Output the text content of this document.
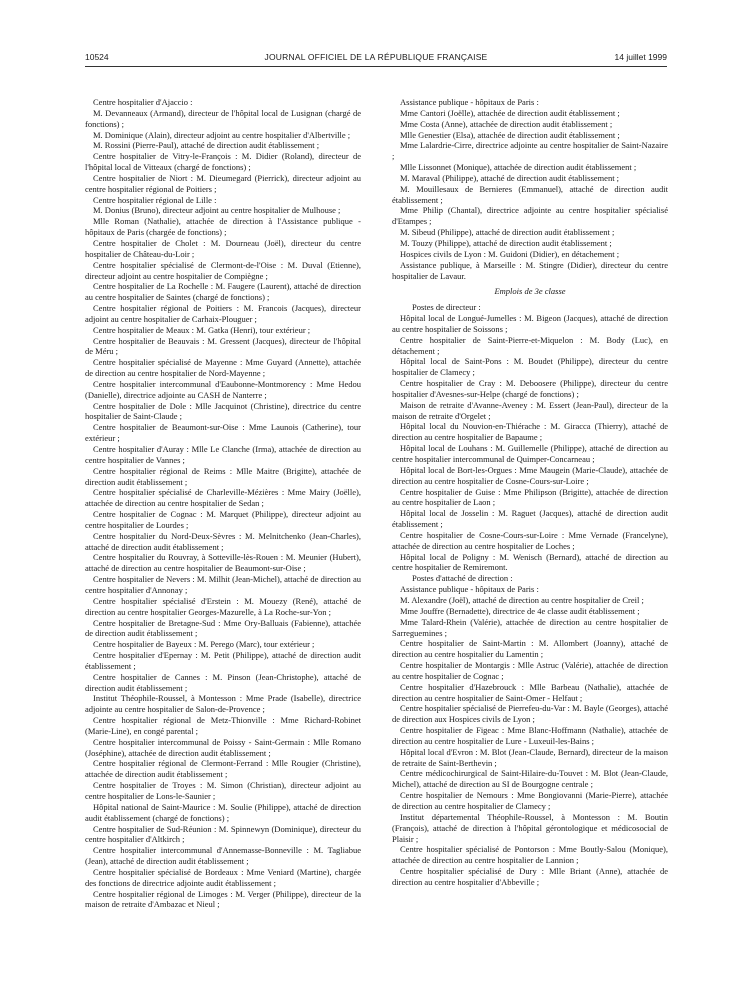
10524	JOURNAL OFFICIEL DE LA RÉPUBLIQUE FRANÇAISE	14 juillet 1999

Centre hospitalier d'Ajaccio :

M. Devanneaux (Armand), directeur de l'hôpital local de Lusignan (chargé de fonctions) ;

M. Dominique (Alain), directeur adjoint au centre hospitalier d'Albertville ;

M. Rossini (Pierre-Paul), attaché de direction audit établissement ;

Centre hospitalier de Vitry-le-François : M. Didier (Roland), directeur de l'hôpital local de Vitteaux (chargé de fonctions) ;

Centre hospitalier de Niort : M. Dieumegard (Pierrick), directeur adjoint au centre hospitalier régional de Poitiers ;

Centre hospitalier régional de Lille :

M. Donius (Bruno), directeur adjoint au centre hospitalier de Mulhouse ;

Mlle Roman (Nathalie), attachée de direction à l'Assistance publique - hôpitaux de Paris (chargée de fonctions) ;

Centre hospitalier de Cholet : M. Dourneau (Joël), directeur du centre hospitalier de Château-du-Loir ;

Centre hospitalier spécialisé de Clermont-de-l'Oise : M. Duval (Etienne), directeur adjoint au centre hospitalier de Compiègne ;

Centre hospitalier de La Rochelle : M. Faugere (Laurent), attaché de direction au centre hospitalier de Saintes (chargé de fonctions) ;

Centre hospitalier régional de Poitiers : M. Francois (Jacques), directeur adjoint au centre hospitalier de Carhaix-Plouguer ;

Centre hospitalier de Meaux : M. Gatka (Henri), tour extérieur ;

Centre hospitalier de Beauvais : M. Gressent (Jacques), directeur de l'hôpital de Méru ;

Centre hospitalier spécialisé de Mayenne : Mme Guyard (Annette), attachée de direction au centre hospitalier de Nord-Mayenne ;

Centre hospitalier intercommunal d'Eaubonne-Montmorency : Mme Hedou (Danielle), directrice adjointe au CASH de Nanterre ;

Centre hospitalier de Dole : Mlle Jacquinot (Christine), directrice du centre hospitalier de Saint-Claude ;

Centre hospitalier de Beaumont-sur-Oise : Mme Launois (Catherine), tour extérieur ;

Centre hospitalier d'Auray : Mlle Le Clanche (Irma), attachée de direction au centre hospitalier de Vannes ;

Centre hospitalier régional de Reims : Mlle Maitre (Brigitte), attachée de direction audit établissement ;

Centre hospitalier spécialisé de Charleville-Mézières : Mme Mairy (Joëlle), attachée de direction au centre hospitalier de Sedan ;

Centre hospitalier de Cognac : M. Marquet (Philippe), directeur adjoint au centre hospitalier de Lourdes ;

Centre hospitalier du Nord-Deux-Sèvres : M. Melnitchenko (Jean-Charles), attaché de direction audit établissement ;

Centre hospitalier du Rouvray, à Sotteville-lès-Rouen : M. Meunier (Hubert), attaché de direction au centre hospitalier de Beaumont-sur-Oise ;

Centre hospitalier de Nevers : M. Milhit (Jean-Michel), attaché de direction au centre hospitalier d'Annonay ;

Centre hospitalier spécialisé d'Erstein : M. Mouezy (René), attaché de direction au centre hospitalier Georges-Mazurelle, à La Roche-sur-Yon ;

Centre hospitalier de Bretagne-Sud : Mme Ory-Balluais (Fabienne), attachée de direction audit établissement ;

Centre hospitalier de Bayeux : M. Perego (Marc), tour extérieur ;

Centre hospitalier d'Epernay : M. Petit (Philippe), attaché de direction audit établissement ;

Centre hospitalier de Cannes : M. Pinson (Jean-Christophe), attaché de direction audit établissement ;

Institut Théophile-Roussel, à Montesson : Mme Prade (Isabelle), directrice adjointe au centre hospitalier de Salon-de-Provence ;

Centre hospitalier régional de Metz-Thionville : Mme Richard-Robinet (Marie-Line), en congé parental ;

Centre hospitalier intercommunal de Poissy - Saint-Germain : Mlle Romano (Joséphine), attachée de direction audit établissement ;

Centre hospitalier régional de Clermont-Ferrand : Mlle Rougier (Christine), attachée de direction audit établissement ;

Centre hospitalier de Troyes : M. Simon (Christian), directeur adjoint au centre hospitalier de Lons-le-Saunier ;

Hôpital national de Saint-Maurice : M. Soulie (Philippe), attaché de direction audit établissement (chargé de fonctions) ;

Centre hospitalier de Sud-Réunion : M. Spinnewyn (Dominique), directeur du centre hospitalier d'Altkirch ;

Centre hospitalier intercommunal d'Annemasse-Bonneville : M. Tagliabue (Jean), attaché de direction audit établissement ;

Centre hospitalier spécialisé de Bordeaux : Mme Veniard (Martine), chargée des fonctions de directrice adjointe audit établissement ;

Centre hospitalier régional de Limoges : M. Verger (Philippe), directeur de la maison de retraite d'Ambazac et Nieul ;

Assistance publique - hôpitaux de Paris :

Mme Cantori (Joëlle), attachée de direction audit établissement ;

Mme Costa (Anne), attachée de direction audit établissement ;

Mlle Genestier (Elsa), attachée de direction audit établissement ;

Mme Lalardrie-Cirre, directrice adjointe au centre hospitalier de Saint-Nazaire ;

Mlle Lissonnet (Monique), attachée de direction audit établissement ;

M. Maraval (Philippe), attaché de direction audit établissement ;

M. Mouillesaux de Bernieres (Emmanuel), attaché de direction audit établissement ;

Mme Philip (Chantal), directrice adjointe au centre hospitalier spécialisé d'Etampes ;

M. Sibeud (Philippe), attaché de direction audit établissement ;

M. Touzy (Philippe), attaché de direction audit établissement ;

Hospices civils de Lyon : M. Guidoni (Didier), en détachement ;

Assistance publique, à Marseille : M. Stingre (Didier), directeur du centre hospitalier de Lavaur.

Emplois de 3e classe

Postes de directeur :

Hôpital local de Longué-Jumelles : M. Bigeon (Jacques), attaché de direction au centre hospitalier de Soissons ;

Centre hospitalier de Saint-Pierre-et-Miquelon : M. Body (Luc), en détachement ;

Hôpital local de Saint-Pons : M. Boudet (Philippe), directeur du centre hospitalier de Clamecy ;

Centre hospitalier de Cray : M. Deboosere (Philippe), directeur du centre hospitalier d'Avesnes-sur-Helpe (chargé de fonctions) ;

Maison de retraite d'Avanne-Aveney : M. Essert (Jean-Paul), directeur de la maison de retraite d'Orgelet ;

Hôpital local du Nouvion-en-Thiérache : M. Giracca (Thierry), attaché de direction au centre hospitalier de Bapaume ;

Hôpital local de Louhans : M. Guillemelle (Philippe), attaché de direction au centre hospitalier intercommunal de Quimper-Concarneau ;

Hôpital local de Bort-les-Orgues : Mme Maugein (Marie-Claude), attachée de direction au centre hospitalier de Cosne-Cours-sur-Loire ;

Centre hospitalier de Guise : Mme Philipson (Brigitte), attachée de direction au centre hospitalier de Laon ;

Hôpital local de Josselin : M. Raguet (Jacques), attaché de direction audit établissement ;

Centre hospitalier de Cosne-Cours-sur-Loire : Mme Vernade (Francelyne), attachée de direction au centre hospitalier de Loches ;

Hôpital local de Poligny : M. Wenisch (Bernard), attaché de direction au centre hospitalier de Remiremont.

Postes d'attaché de direction :

Assistance publique - hôpitaux de Paris :

M. Alexandre (Joël), attaché de direction au centre hospitalier de Creil ;

Mme Jouffre (Bernadette), directrice de 4e classe audit établissement ;

Mme Talard-Rhein (Valérie), attachée de direction au centre hospitalier de Sarreguemines ;

Centre hospitalier de Saint-Martin : M. Allombert (Joanny), attaché de direction au centre hospitalier du Lamentin ;

Centre hospitalier de Montargis : Mlle Astruc (Valérie), attachée de direction au centre hospitalier de Cognac ;

Centre hospitalier d'Hazebrouck : Mlle Barbeau (Nathalie), attachée de direction au centre hospitalier de Saint-Omer - Helfaut ;

Centre hospitalier spécialisé de Pierrefeu-du-Var : M. Bayle (Georges), attaché de direction aux Hospices civils de Lyon ;

Centre hospitalier de Figeac : Mme Blanc-Hoffmann (Nathalie), attachée de direction au centre hospitalier de Lure - Luxeuil-les-Bains ;

Hôpital local d'Evron : M. Blot (Jean-Claude, Bernard), directeur de la maison de retraite de Saint-Berthevin ;

Centre médicochirurgical de Saint-Hilaire-du-Touvet : M. Blot (Jean-Claude, Michel), attaché de direction au SI de Bourgogne centrale ;

Centre hospitalier de Nemours : Mme Bongiovanni (Marie-Pierre), attachée de direction au centre hospitalier de Clamecy ;

Institut départemental Théophile-Roussel, à Montesson : M. Boutin (François), attaché de direction à l'hôpital gérontologique et médicosocial de Plaisir ;

Centre hospitalier spécialisé de Pontorson : Mme Boutly-Salou (Monique), attachée de direction au centre hospitalier de Lannion ;

Centre hospitalier spécialisé de Dury : Mlle Briant (Anne), attachée de direction au centre hospitalier d'Abbeville ;
